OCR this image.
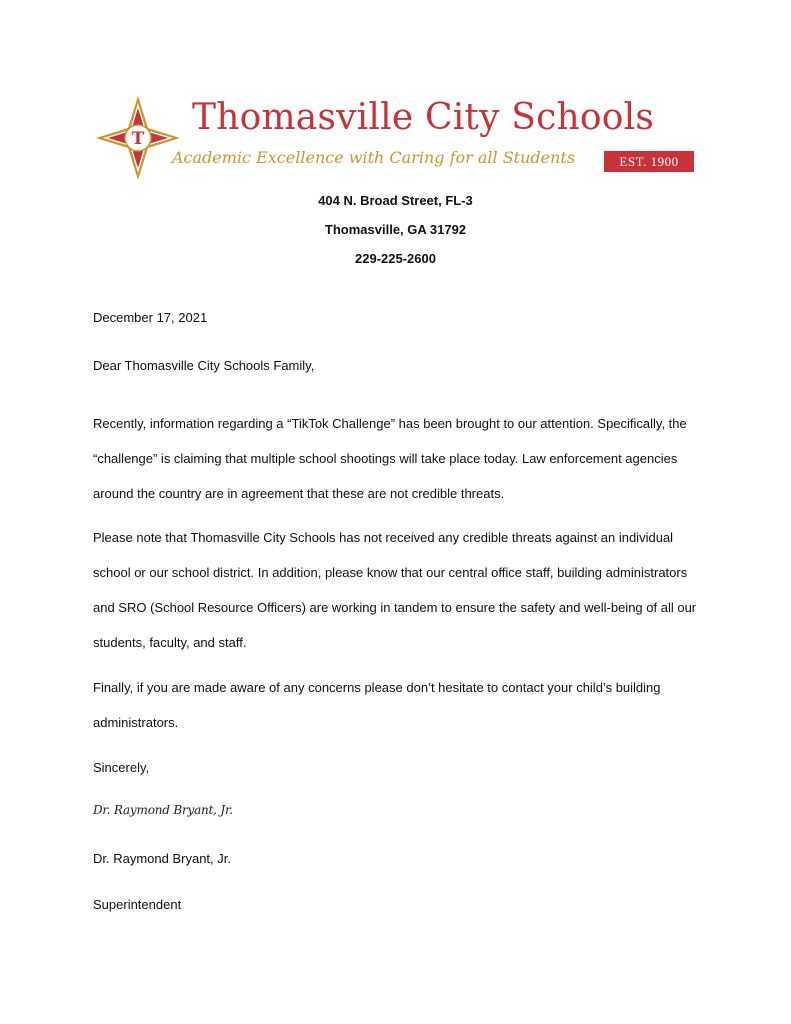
T
Thomasville City Schools
Academic Excellence with Caring for all Students	EST. 1900
404 N. Broad Street, FL-3
Thomasville, GA 31792
229-225-2600
December 17, 2021
Dear Thomasville City Schools Family,
Recently, information regarding a “TikTok Challenge” has been brought to our attention. Specifically, the “challenge” is claiming that multiple school shootings will take place today. Law enforcement agencies around the country are in agreement that these are not credible threats.
Please note that Thomasville City Schools has not received any credible threats against an individual school or our school district. In addition, please know that our central office staff, building administrators and SRO (School Resource Officers) are working in tandem to ensure the safety and well-being of all our students, faculty, and staff.
Finally, if you are made aware of any concerns please don’t hesitate to contact your child’s building administrators.
Sincerely,
Dr. Raymond Bryant, Jr.
Dr. Raymond Bryant, Jr.
Superintendent
